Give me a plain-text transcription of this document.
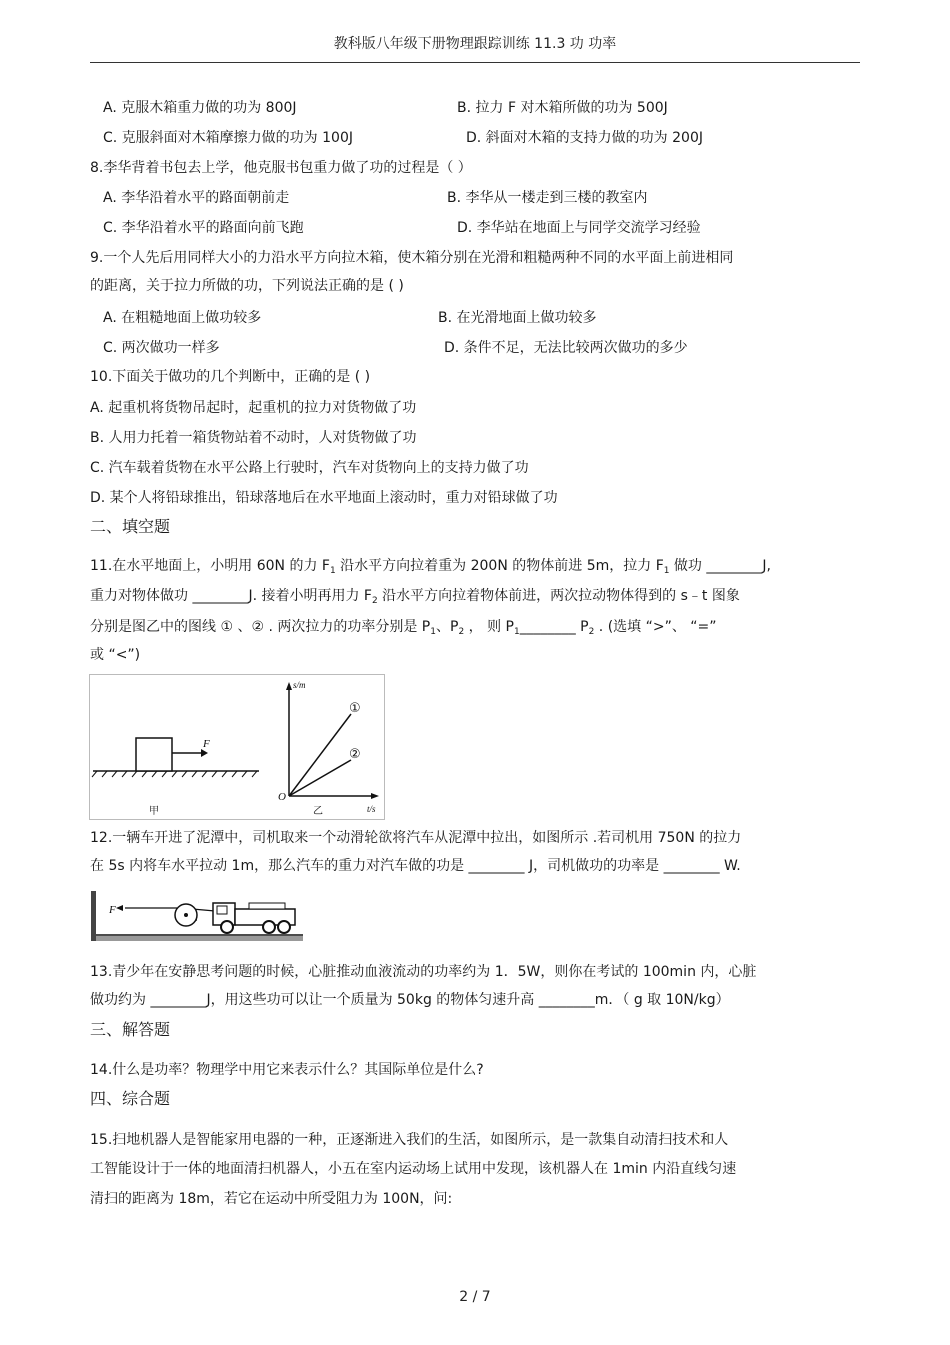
教科版八年级下册物理跟踪训练 11.3 功 功率
A. 克服木箱重力做的功为 800J	B. 拉力 F 对木箱所做的功为 500J
C. 克服斜面对木箱摩擦力做的功为 100J	D. 斜面对木箱的支持力做的功为 200J
8.李华背着书包去上学，他克服书包重力做了功的过程是（ ）
A. 李华沿着水平的路面朝前走	B. 李华从一楼走到三楼的教室内
C. 李华沿着水平的路面向前飞跑	D. 李华站在地面上与同学交流学习经验
9.一个人先后用同样大小的力沿水平方向拉木箱，使木箱分别在光滑和粗糙两种不同的水平面上前进相同
的距离，关于拉力所做的功，下列说法正确的是 ( )
A. 在粗糙地面上做功较多	B. 在光滑地面上做功较多
C. 两次做功一样多	D. 条件不足，无法比较两次做功的多少
10.下面关于做功的几个判断中，正确的是 ( )
A. 起重机将货物吊起时，起重机的拉力对货物做了功
B. 人用力托着一箱货物站着不动时，人对货物做了功
C. 汽车载着货物在水平公路上行驶时，汽车对货物向上的支持力做了功
D. 某个人将铅球推出，铅球落地后在水平地面上滚动时，重力对铅球做了功
二、填空题
11.在水平地面上，小明用 60N 的力 $F_1$ 沿水平方向拉着重为 200N 的物体前进 5m，拉力 $F_1$ 做功 ________J,
重力对物体做功 ________J. 接着小明再用力 $F_2$ 沿水平方向拉着物体前进，两次拉动物体得到的 s﹣t 图象
分别是图乙中的图线 ① 、② . 两次拉力的功率分别是 $P_1$、$P_2$ ， 则 $P_1\_\_\_\_\_\_\_\_$ $P_2$ . (选填 “>”、 “=”
或 “<”)
F
甲
s/m
t/s
O
①
②
乙
12.一辆车开进了泥潭中，司机取来一个动滑轮欲将汽车从泥潭中拉出，如图所示 .若司机用 750N 的拉力
在 5s 内将车水平拉动 1m，那么汽车的重力对汽车做的功是 ________ J，司机做功的功率是 ________ W.
F
13.青少年在安静思考问题的时候，心脏推动血液流动的功率约为 1．5W，则你在考试的 100min 内，心脏
做功约为 ________J，用这些功可以让一个质量为 50kg 的物体匀速升高 ________m．（ g 取 10N/kg）
三、解答题
14.什么是功率？物理学中用它来表示什么？其国际单位是什么?
四、综合题
15.扫地机器人是智能家用电器的一种，正逐渐进入我们的生活，如图所示，是一款集自动清扫技术和人
工智能设计于一体的地面清扫机器人，小五在室内运动场上试用中发现，该机器人在 1min 内沿直线匀速
清扫的距离为 18m，若它在运动中所受阻力为 100N，问:
2 / 7
